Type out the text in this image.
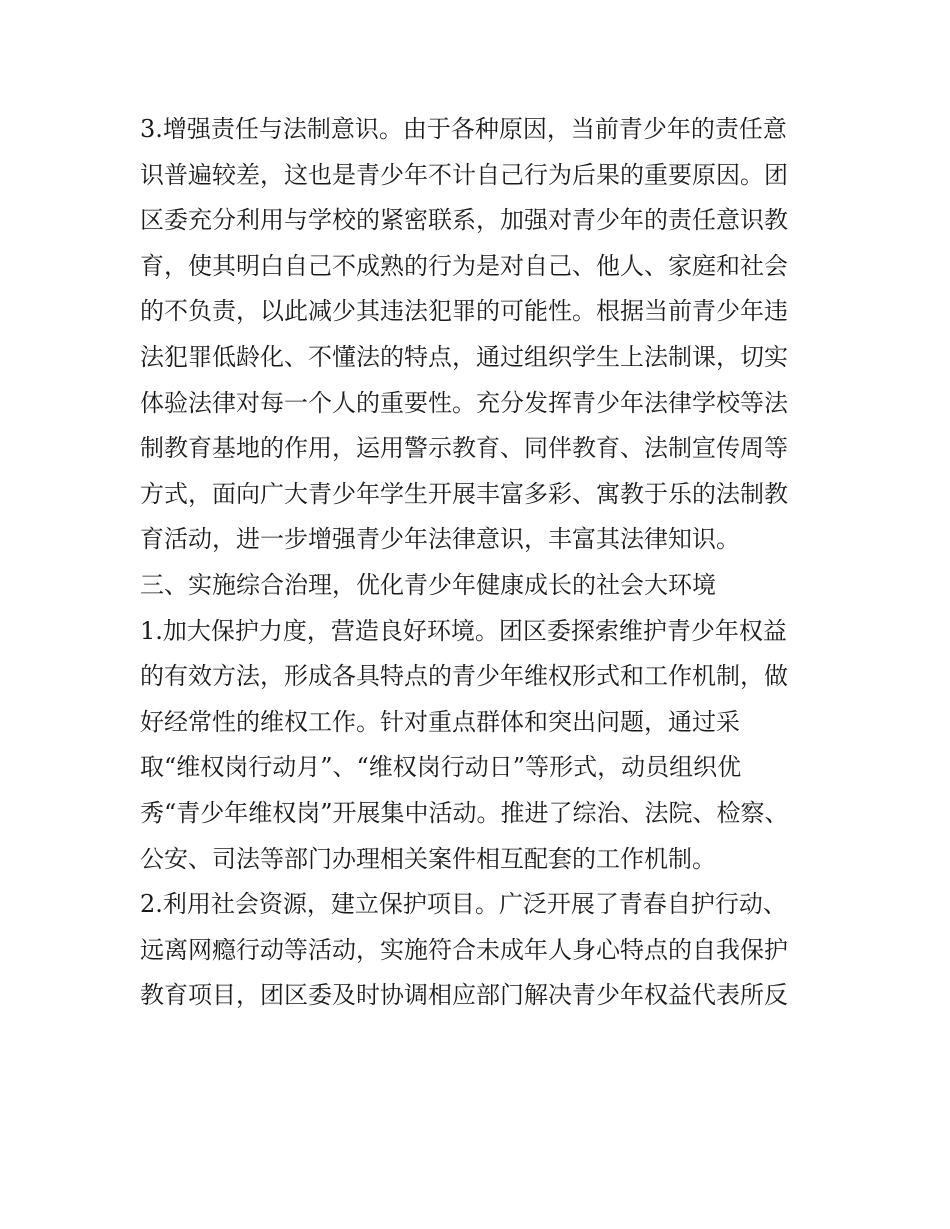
3.增强责任与法制意识。由于各种原因，当前青少年的责任意
识普遍较差，这也是青少年不计自己行为后果的重要原因。团
区委充分利用与学校的紧密联系，加强对青少年的责任意识教
育，使其明白自己不成熟的行为是对自己、他人、家庭和社会
的不负责，以此减少其违法犯罪的可能性。根据当前青少年违
法犯罪低龄化、不懂法的特点，通过组织学生上法制课，切实
体验法律对每一个人的重要性。充分发挥青少年法律学校等法
制教育基地的作用，运用警示教育、同伴教育、法制宣传周等
方式，面向广大青少年学生开展丰富多彩、寓教于乐的法制教
育活动，进一步增强青少年法律意识，丰富其法律知识。
三、实施综合治理，优化青少年健康成长的社会大环境
1.加大保护力度，营造良好环境。团区委探索维护青少年权益
的有效方法，形成各具特点的青少年维权形式和工作机制，做
好经常性的维权工作。针对重点群体和突出问题，通过采
取“维权岗行动月”、“维权岗行动日”等形式，动员组织优
秀“青少年维权岗”开展集中活动。推进了综治、法院、检察、
公安、司法等部门办理相关案件相互配套的工作机制。
2.利用社会资源，建立保护项目。广泛开展了青春自护行动、
远离网瘾行动等活动，实施符合未成年人身心特点的自我保护
教育项目，团区委及时协调相应部门解决青少年权益代表所反
